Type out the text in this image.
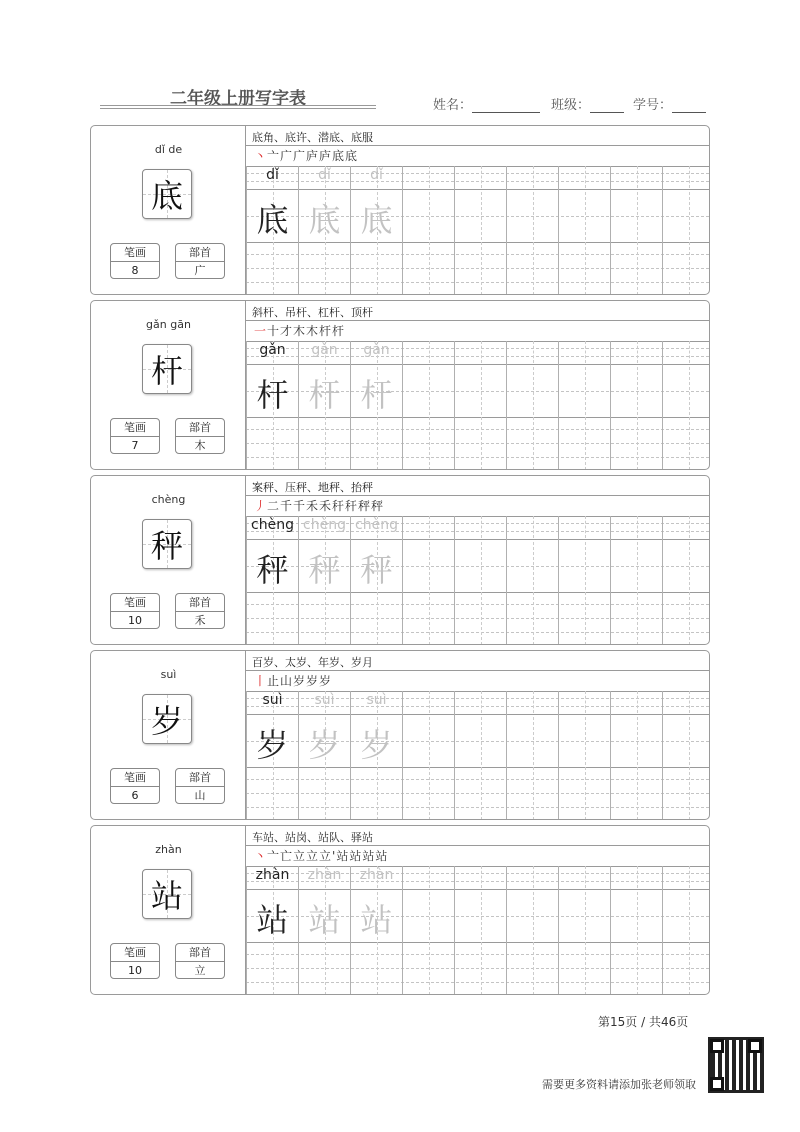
二年级上册写字表	姓名：	班级：	学号：
dǐ de
底
笔画
8
部首
广
底角、底许、潜底、底服
丶亠广广庐庐底底
dǐ
底
dǐ
底
dǐ
底
gǎn gān
杆
笔画
7
部首
木
斜杆、吊杆、杠杆、顶杆
一十才木木杆杆
gǎn
杆
gǎn
杆
gǎn
杆
chèng
秤
笔画
10
部首
禾
案秤、压秤、地秤、抬秤
丿二千千禾禾秆秆秤秤
chèng
秤
chèng
秤
chèng
秤
suì
岁
笔画
6
部首
山
百岁、太岁、年岁、岁月
丨止山岁岁岁
suì
岁
suì
岁
suì
岁
zhàn
站
笔画
10
部首
立
车站、站岗、站队、驿站
丶亠亡立立立'站站站站
zhàn
站
zhàn
站
zhàn
站
第15页 / 共46页
需要更多资料请添加张老师领取
